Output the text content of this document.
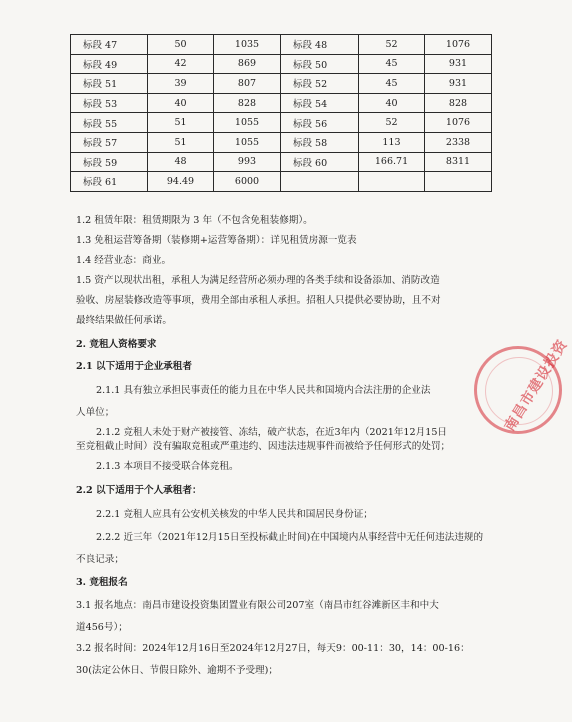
标段 47	50	1035	标段 48	52	1076
标段 49	42	869	标段 50	45	931
标段 51	39	807	标段 52	45	931
标段 53	40	828	标段 54	40	828
标段 55	51	1055	标段 56	52	1076
标段 57	51	1055	标段 58	113	2338
标段 59	48	993	标段 60	166.71	8311
标段 61	94.49	6000			
1.2 租赁年限：租赁期限为 3 年（不包含免租装修期）。
1.3 免租运营筹备期（装修期+运营筹备期）：详见租赁房源一览表
1.4 经营业态：商业。
1.5 资产以现状出租，承租人为满足经营所必须办理的各类手续和设备添加、消防改造
验收、房屋装修改造等事项，费用全部由承租人承担。招租人只提供必要协助，且不对
最终结果做任何承诺。
2. 竞租人资格要求
2.1 以下适用于企业承租者
2.1.1 具有独立承担民事责任的能力且在中华人民共和国境内合法注册的企业法
人单位；
2.1.2 竞租人未处于财产被接管、冻结，破产状态，在近3年内（2021年12月15日
至竞租截止时间）没有骗取竞租或严重违约、因违法违规事件而被给予任何形式的处罚；
2.1.3 本项目不接受联合体竞租。
2.2 以下适用于个人承租者：
2.2.1 竞租人应具有公安机关核发的中华人民共和国居民身份证；
2.2.2 近三年（2021年12月15日至投标截止时间)在中国境内从事经营中无任何违法违规的
不良记录；
3. 竞租报名
3.1 报名地点：南昌市建设投资集团置业有限公司207室（南昌市红谷滩新区丰和中大
道456号）；
3.2 报名时间：2024年12月16日至2024年12月27日，每天9：00-11：30，14：00-16：
30(法定公休日、节假日除外、逾期不予受理)；
南昌市建设投资
